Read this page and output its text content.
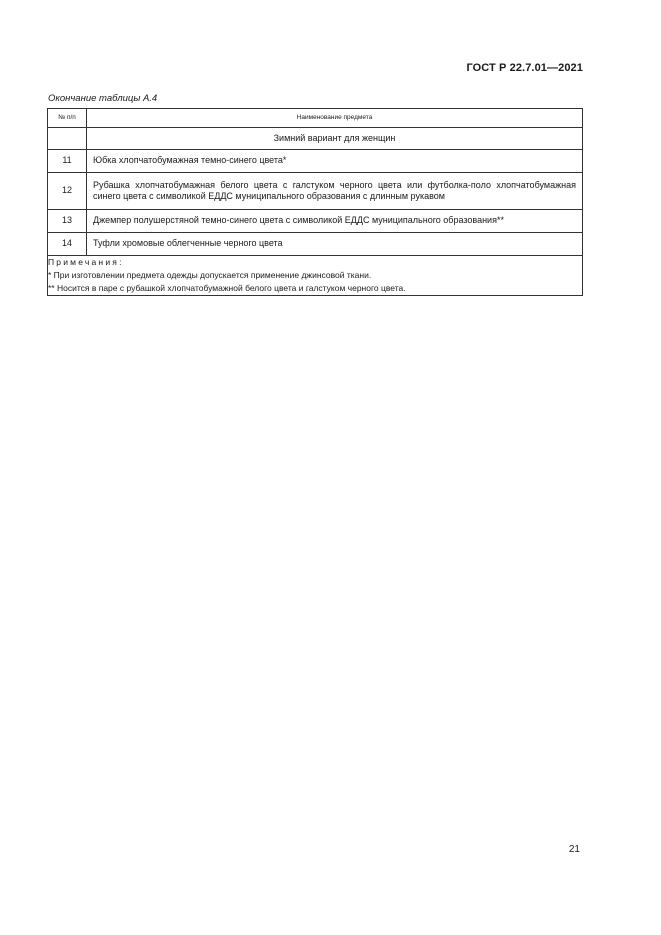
ГОСТ Р 22.7.01—2021
Окончание таблицы А.4
№ п/п	Наименование предмета
	Зимний вариант для женщин
11	Юбка хлопчатобумажная темно-синего цвета*
12	Рубашка хлопчатобумажная белого цвета с галстуком черного цвета или футболка-поло хлопчатобумажная синего цвета с символикой ЕДДС муниципального образования с длинным рукавом
13	Джемпер полушерстяной темно-синего цвета с символикой ЕДДС муниципального образования**
14	Туфли хромовые облегченные черного цвета

Примечания:
* При изготовлении предмета одежды допускается применение джинсовой ткани.
** Носится в паре с рубашкой хлопчатобумажной белого цвета и галстуком черного цвета.	
21
